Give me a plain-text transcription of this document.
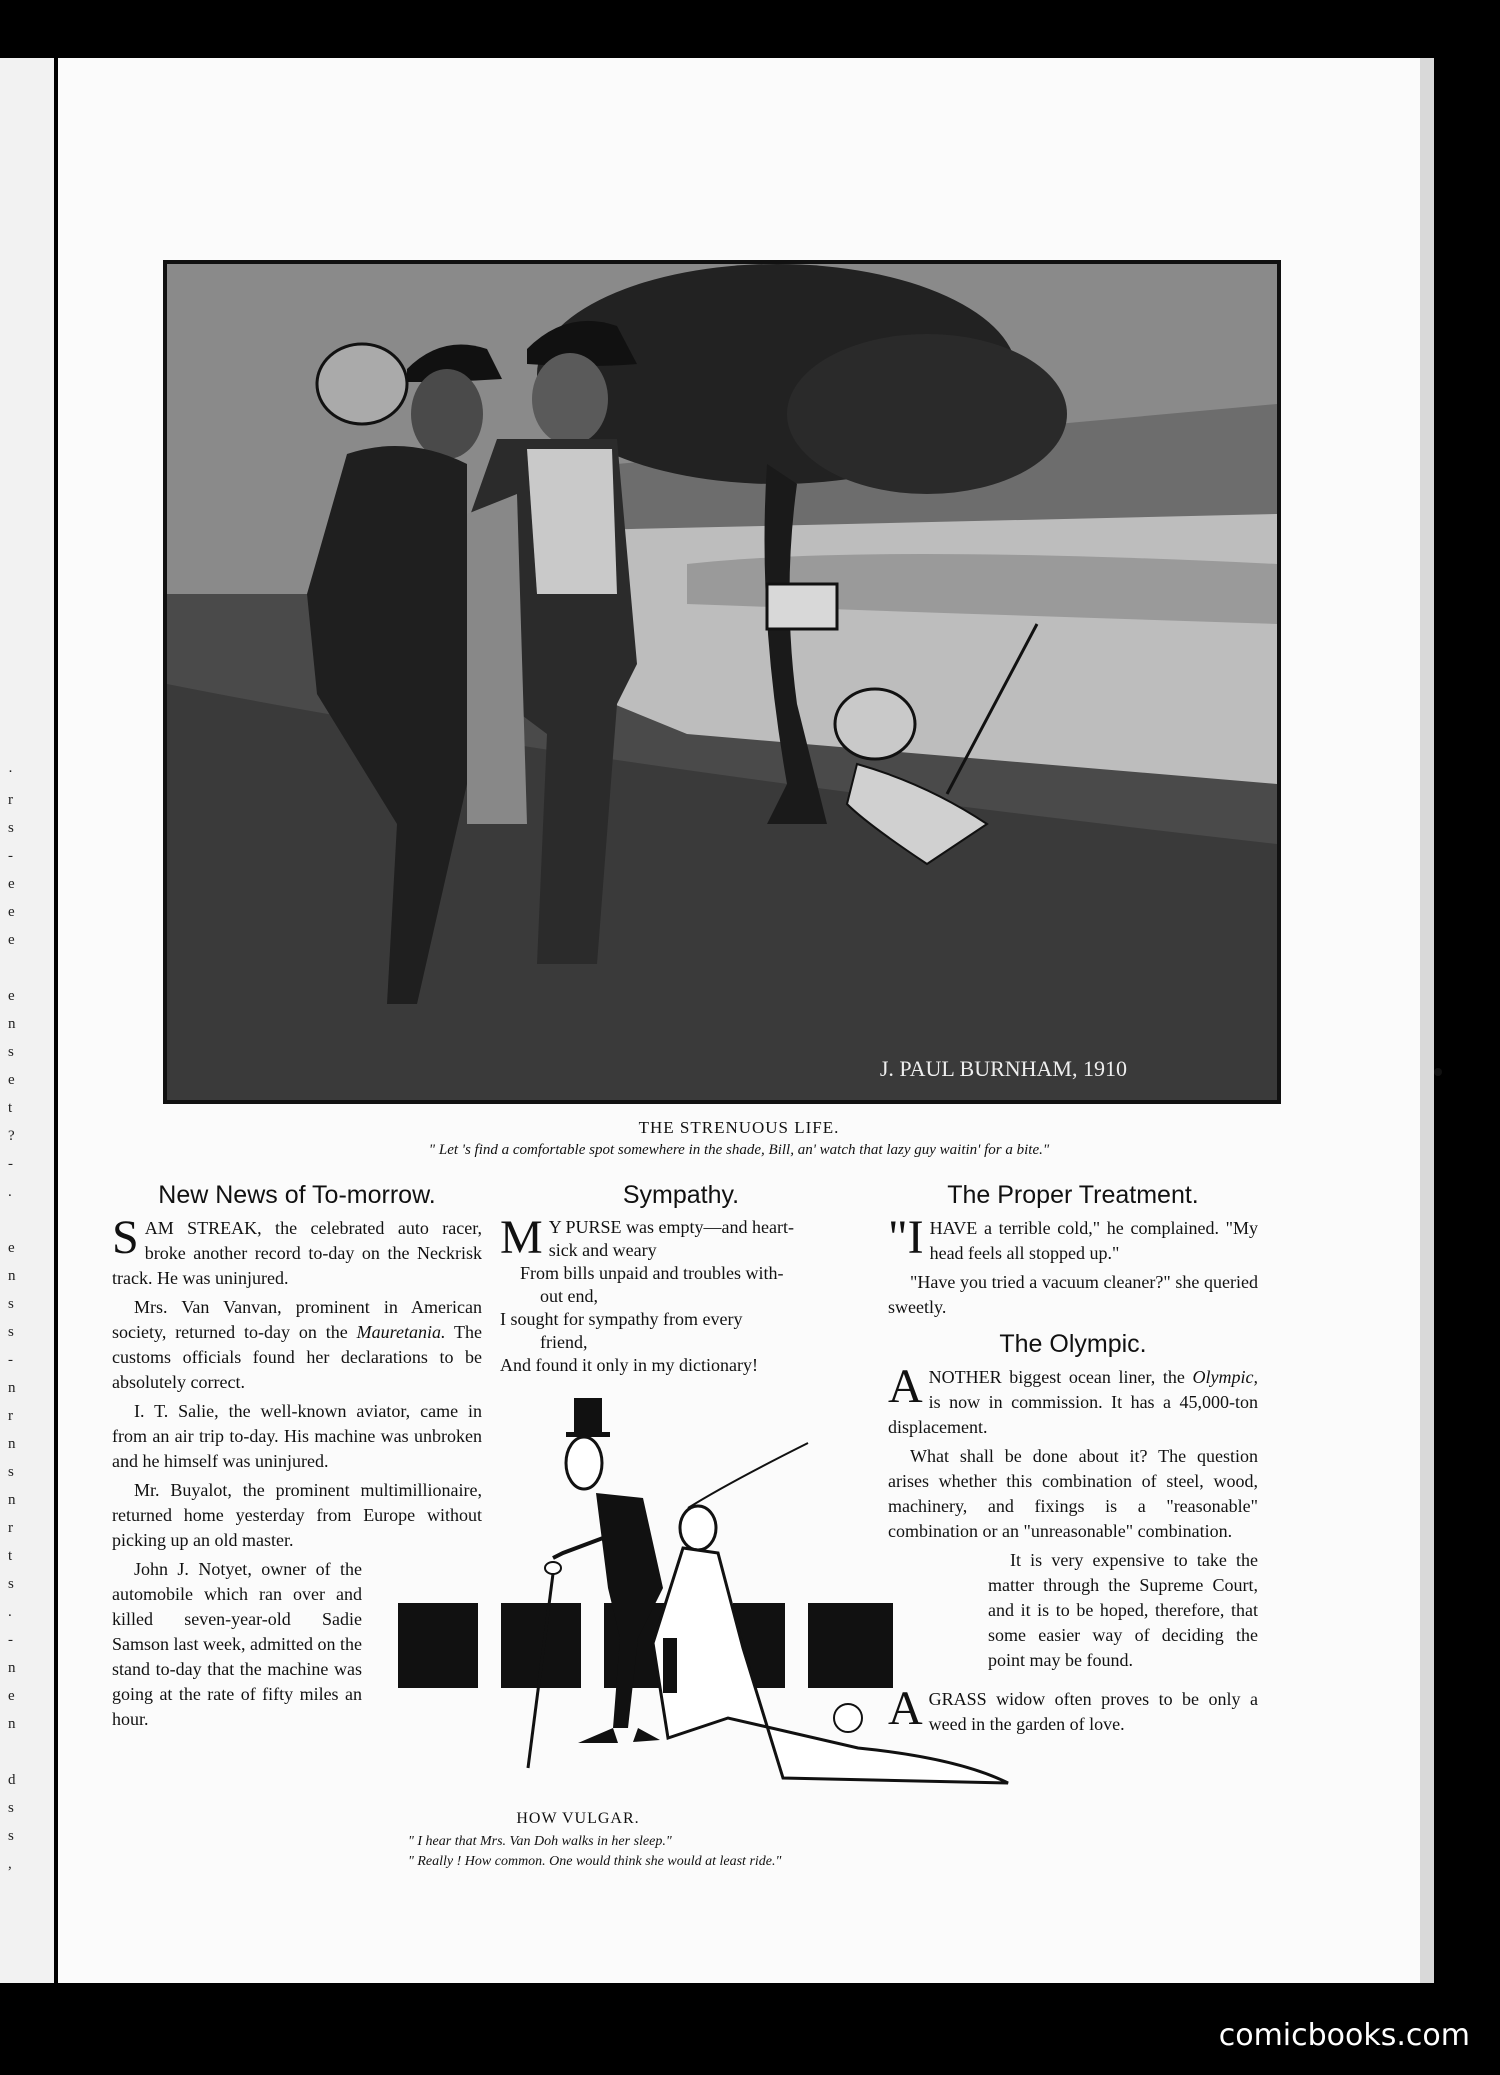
·
r
s
-
e
e
e

e
n
s
e
t
?
-
.

e
n
s
s
-
n
r
n
s
n
r
t
s
.
-
n
e
n

d
s
s
,
J. PAUL BURNHAM, 1910
THE STRENUOUS LIFE.
" Let 's find a comfortable spot somewhere in the shade, Bill, an' watch that lazy guy waitin' for a bite."
New News of To-morrow.

SAM STREAK, the celebrated auto racer, broke another record to-day on the Neckrisk track. He was uninjured.

Mrs. Van Vanvan, prominent in American society, returned to-day on the Mauretania. The customs officials found her declarations to be absolutely correct.

I. T. Salie, the well-known aviator, came in from an air trip to-day. His machine was unbroken and he himself was uninjured.

Mr. Buyalot, the prominent multimillionaire, returned home yesterday from Europe without picking up an old master.

John J. Notyet, owner of the automobile which ran over and killed seven-year-old Sadie Samson last week, admitted on the stand to-day that the machine was going at the rate of fifty miles an hour.

Sympathy.
M Y PURSE was empty—and heart-
sick and weary
From bills unpaid and troubles with-
out end,
I sought for sympathy from every
friend,
And found it only in my dictionary!
HOW VULGAR.
" I hear that Mrs. Van Doh walks in her sleep."
" Really ! How common. One would think she would at least ride."
The Proper Treatment.

"IHAVE a terrible cold," he complained. "My head feels all stopped up."

"Have you tried a vacuum cleaner?" she queried sweetly.

The Olympic.

ANOTHER biggest ocean liner, the Olympic, is now in commission. It has a 45,000-ton displacement.

What shall be done about it? The question arises whether this combination of steel, wood, machinery, and fixings is a "reasonable" combination or an "unreasonable" combination.

It is very expensive to take the matter through the Supreme Court, and it is to be hoped, therefore, that some easier way of deciding the point may be found.

AGRASS widow often proves to be only a weed in the garden of love.

comicbooks.com
